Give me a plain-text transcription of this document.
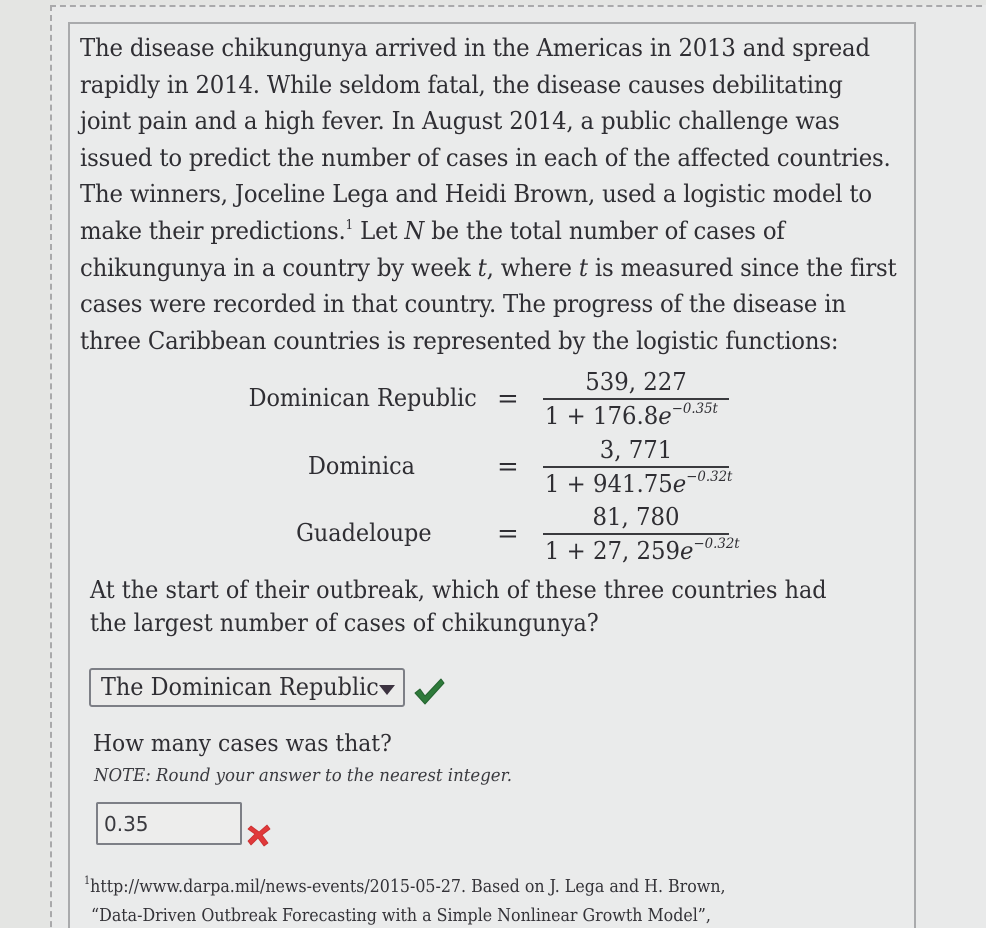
The disease chikungunya arrived in the Americas in 2013 and spread

rapidly in 2014. While seldom fatal, the disease causes debilitating

joint pain and a high fever. In August 2014, a public challenge was

issued to predict the number of cases in each of the affected countries.

The winners, Joceline Lega and Heidi Brown, used a logistic model to

make their predictions.$^1$ Let N be the total number of cases of

chikungunya in a country by week t, where t is measured since the first

cases were recorded in that country. The progress of the disease in

three Caribbean countries is represented by the logistic functions:

Dominican Republic =
539, 227
$1 + 176.8e^{-0.35t}$
Dominica	=
3, 771
$1 + 941.75e^{-0.32t}$
Guadeloupe	=
81, 780
1 + 27, $259e^{-0.32t}$

At the start of their outbreak, which of these three countries had

the largest number of cases of chikungunya?

The Dominican Republic
How many cases was that?
NOTE: Round your answer to the nearest integer.
0.35

$^1$http://www.darpa.mil/news-events/2015-05-27. Based on J. Lega and H. Brown,

“Data-Driven Outbreak Forecasting with a Simple Nonlinear Growth Model”,
